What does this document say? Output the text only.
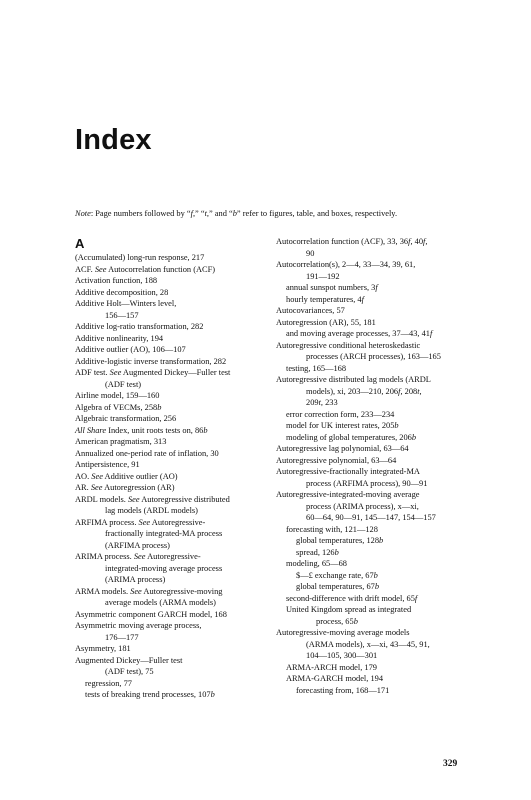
Index
Note: Page numbers followed by “f,” “t,” and “b” refer to figures, table, and boxes, respectively.
A
(Accumulated) long-run response, 217
ACF. See Autocorrelation function (ACF)
Activation function, 188
Additive decomposition, 28
Additive Holt—Winters level,
156—157
Additive log-ratio transformation, 282
Additive nonlinearity, 194
Additive outlier (AO), 106—107
Additive-logistic inverse transformation, 282
ADF test. See Augmented Dickey—Fuller test
(ADF test)
Airline model, 159—160
Algebra of VECMs, 258b
Algebraic transformation, 256
All Share Index, unit roots tests on, 86b
American pragmatism, 313
Annualized one-period rate of inflation, 30
Antipersistence, 91
AO. See Additive outlier (AO)
AR. See Autoregression (AR)
ARDL models. See Autoregressive distributed
lag models (ARDL models)
ARFIMA process. See Autoregressive-
fractionally integrated-MA process
(ARFIMA process)
ARIMA process. See Autoregressive-
integrated-moving average process
(ARIMA process)
ARMA models. See Autoregressive-moving
average models (ARMA models)
Asymmetric component GARCH model, 168
Asymmetric moving average process,
176—177
Asymmetry, 181
Augmented Dickey—Fuller test
(ADF test), 75
regression, 77
tests of breaking trend processes, 107b
Autocorrelation function (ACF), 33, 36f, 40f,
90
Autocorrelation(s), 2—4, 33—34, 39, 61,
191—192
annual sunspot numbers, 3f
hourly temperatures, 4f
Autocovariances, 57
Autoregression (AR), 55, 181
and moving average processes, 37—43, 41f
Autoregressive conditional heteroskedastic
processes (ARCH processes), 163—165
testing, 165—168
Autoregressive distributed lag models (ARDL
models), xi, 203—210, 206f, 208t,
209t, 233
error correction form, 233—234
model for UK interest rates, 205b
modeling of global temperatures, 206b
Autoregressive lag polynomial, 63—64
Autoregressive polynomial, 63—64
Autoregressive-fractionally integrated-MA
process (ARFIMA process), 90—91
Autoregressive-integrated-moving average
process (ARIMA process), x—xi,
60—64, 90—91, 145—147, 154—157
forecasting with, 121—128
global temperatures, 128b
spread, 126b
modeling, 65—68
$—£ exchange rate, 67b
global temperatures, 67b
second-difference with drift model, 65f
United Kingdom spread as integrated
process, 65b
Autoregressive-moving average models
(ARMA models), x—xi, 43—45, 91,
104—105, 300—301
ARMA-ARCH model, 179
ARMA-GARCH model, 194
forecasting from, 168—171
329
